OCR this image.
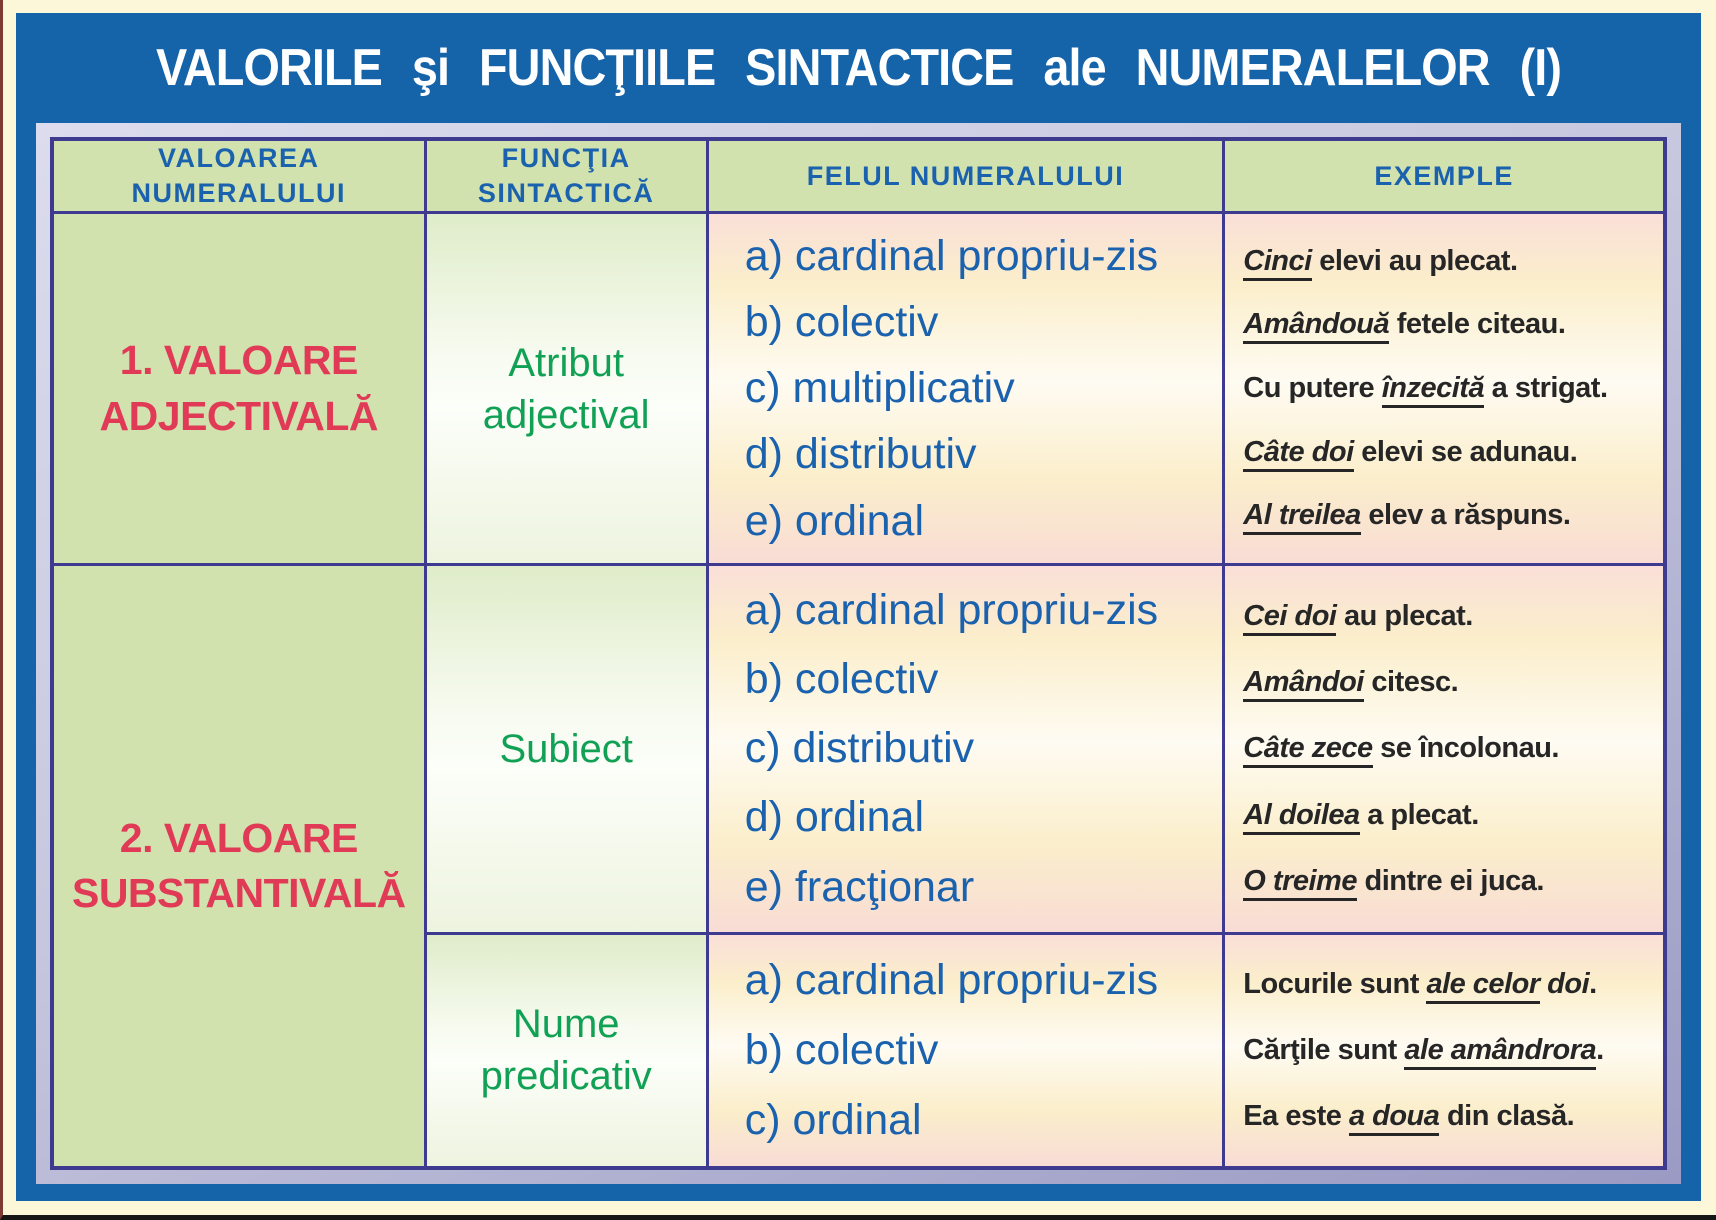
VALORILE şi FUNCŢIILE SINTACTICE ale NUMERALELOR (I)
VALOAREA NUMERALULUI
FUNCŢIA SINTACTICĂ
FELUL NUMERALULUI	EXEMPLE
1. VALOARE ADJECTIVALĂ
Atribut adjectival
a) cardinal propriu-zis
b) colectiv
c) multiplicativ
d) distributiv
e) ordinal
Cinci elevi au plecat.
Amândouă fetele citeau.
Cu putere înzecită a strigat.
Câte doi elevi se adunau.
Al treilea elev a răspuns.
2. VALOARE SUBSTANTIVALĂ
Subiect
a) cardinal propriu-zis
b) colectiv
c) distributiv
d) ordinal
e) fracţionar
Cei doi au plecat.
Amândoi citesc.
Câte zece se încolonau.
Al doilea a plecat.
O treime dintre ei juca.
Nume predicativ
a) cardinal propriu-zis
b) colectiv
c) ordinal
Locurile sunt ale celor doi.
Cărţile sunt ale amândrora.
Ea este a doua din clasă.
